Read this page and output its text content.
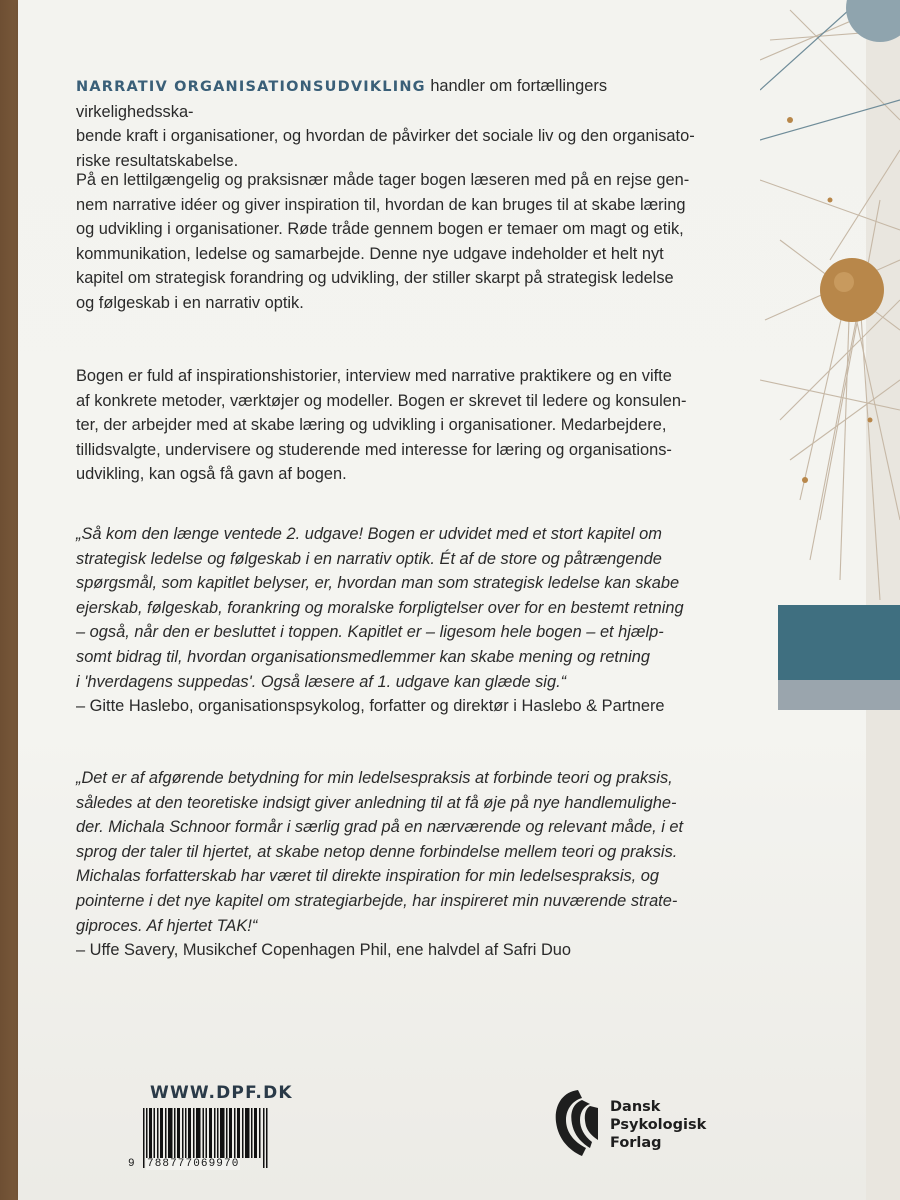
NARRATIV ORGANISATIONSUDVIKLING handler om fortællingers virkelighedsska-
bende kraft i organisationer, og hvordan de påvirker det sociale liv og den organisato-
riske resultatskabelse.

På en lettilgængelig og praksisnær måde tager bogen læseren med på en rejse gen-
nem narrative idéer og giver inspiration til, hvordan de kan bruges til at skabe læring
og udvikling i organisationer. Røde tråde gennem bogen er temaer om magt og etik,
kommunikation, ledelse og samarbejde. Denne nye udgave indeholder et helt nyt
kapitel om strategisk forandring og udvikling, der stiller skarpt på strategisk ledelse
og følgeskab i en narrativ optik.

Bogen er fuld af inspirationshistorier, interview med narrative praktikere og en vifte
af konkrete metoder, værktøjer og modeller. Bogen er skrevet til ledere og konsulen-
ter, der arbejder med at skabe læring og udvikling i organisationer. Medarbejdere,
tillidsvalgte, undervisere og studerende med interesse for læring og organisations-
udvikling, kan også få gavn af bogen.

„Så kom den længe ventede 2. udgave! Bogen er udvidet med et stort kapitel om
strategisk ledelse og følgeskab i en narrativ optik. Ét af de store og påtrængende
spørgsmål, som kapitlet belyser, er, hvordan man som strategisk ledelse kan skabe
ejerskab, følgeskab, forankring og moralske forpligtelser over for en bestemt retning
– også, når den er besluttet i toppen. Kapitlet er – ligesom hele bogen – et hjælp-
somt bidrag til, hvordan organisationsmedlemmer kan skabe mening og retning
i 'hverdagens suppedas'. Også læsere af 1. udgave kan glæde sig.“
– Gitte Haslebo, organisationspsykolog, forfatter og direktør i Haslebo & Partnere

„Det er af afgørende betydning for min ledelsespraksis at forbinde teori og praksis,
således at den teoretiske indsigt giver anledning til at få øje på nye handlemulighe-
der. Michala Schnoor formår i særlig grad på en nærværende og relevant måde, i et
sprog der taler til hjertet, at skabe netop denne forbindelse mellem teori og praksis.
Michalas forfatterskab har været til direkte inspiration for min ledelsespraksis, og
pointerne i det nye kapitel om strategiarbejde, har inspireret min nuværende strate-
giproces. Af hjertet TAK!“
– Uffe Savery, Musikchef Copenhagen Phil, ene halvdel af Safri Duo

WWW.DPF.DK
9 788777069970
Dansk
Psykologisk
Forlag
